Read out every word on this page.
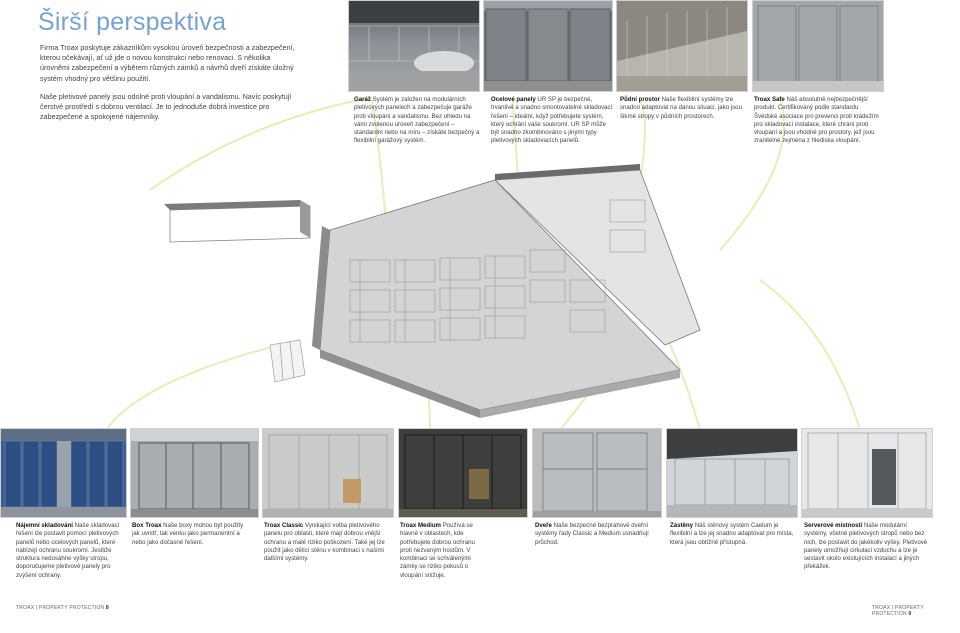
Širší perspektiva

Firma Troax poskytuje zákazníkům vysokou úroveň bezpečnosti a zabezpečení, kterou očekávají, ať už jde o novou konstrukci nebo renovaci. S několika úrovněmi zabezpečení a výběrem různých zámků a návrhů dveří získáte úložný systém vhodný pro většinu použití.

Naše pletivové panely jsou odolné proti vloupání a vandalismu. Navíc poskytují čerstvé prostředí s dobrou ventilací. Je to jednoduše dobrá investice pro zabezpečené a spokojené nájemníky.

Garáž Systém je založen na modulárních pletivových panelech a zabezpečuje garáže proti vloupání a vandalismu. Bez ohledu na vámi zvolenou úroveň zabezpečení – standardní nebo na míru – získáte bezpečný a flexibilní garážový systém.
Ocelové panely UR SP je bezpečné, trvanlivé a snadno smontovatelné skladovací řešení – ideální, když potřebujete systém, který ochrání vaše soukromí. UR SP může být snadno zkombinováno s jinými typy pletivových skladovacích panelů.
Půdní prostor Naše flexibilní systémy lze snadno adaptovat na danou situaci, jako jsou šikmé stropy v půdních prostorech.
Troax Safe Náš absolutně nejbezpečnější produkt. Certifikovaný podle standardu Švédské asociace pro prevenci proti krádežím pro skladovací instalace, které chrání proti vloupání a jsou vhodné pro prostory, jež jsou zranitelné zejména z hlediska vloupání.
Nájemní skladování Naše skladovací řešení lze postavit pomocí pletivových panelů nebo ocelových panelů, které nabízejí ochranu soukromí. Jestliže struktura nedosáhne výšky stropu, doporučujeme pletivové panely pro zvýšení ochrany.
Box Troax Naše boxy mohou být použity jak uvnitř, tak venku jako permanentní a nebo jako dočasné řešení.
Troax Classic Vynikající volba pletivového panelu pro oblasti, které mají dobrou vnější ochranu a malé riziko poškození. Také jej lze použít jako dělicí stěnu v kombinaci s našimi dalšími systémy.
Troax Medium Používá se hlavně v oblastech, kde potřebujete dobrou ochranu proti nezvaným hostům. V kombinaci se schválenými zámky se riziko pokusů o vloupání snižuje.
Dveře Naše bezpečné bezprahové dveřní systémy řady Classic a Medium usnadňují průchod.
Zástěny Náš stěnový systém Caelum je flexibilní a lze jej snadno adaptovat pro místa, která jsou obtížně přístupná.
Serverové místnosti Naše modulární systémy, včetně pletivových stropů nebo bez nich, lze postavit do jakékoliv výšky. Pletivové panely umožňují cirkulaci vzduchu a lze je sestavit okolo existujících instalací a jiných překážek.
TROAX | PROPERTY PROTECTION 8	TROAX | PROPERTY PROTECTION 9
